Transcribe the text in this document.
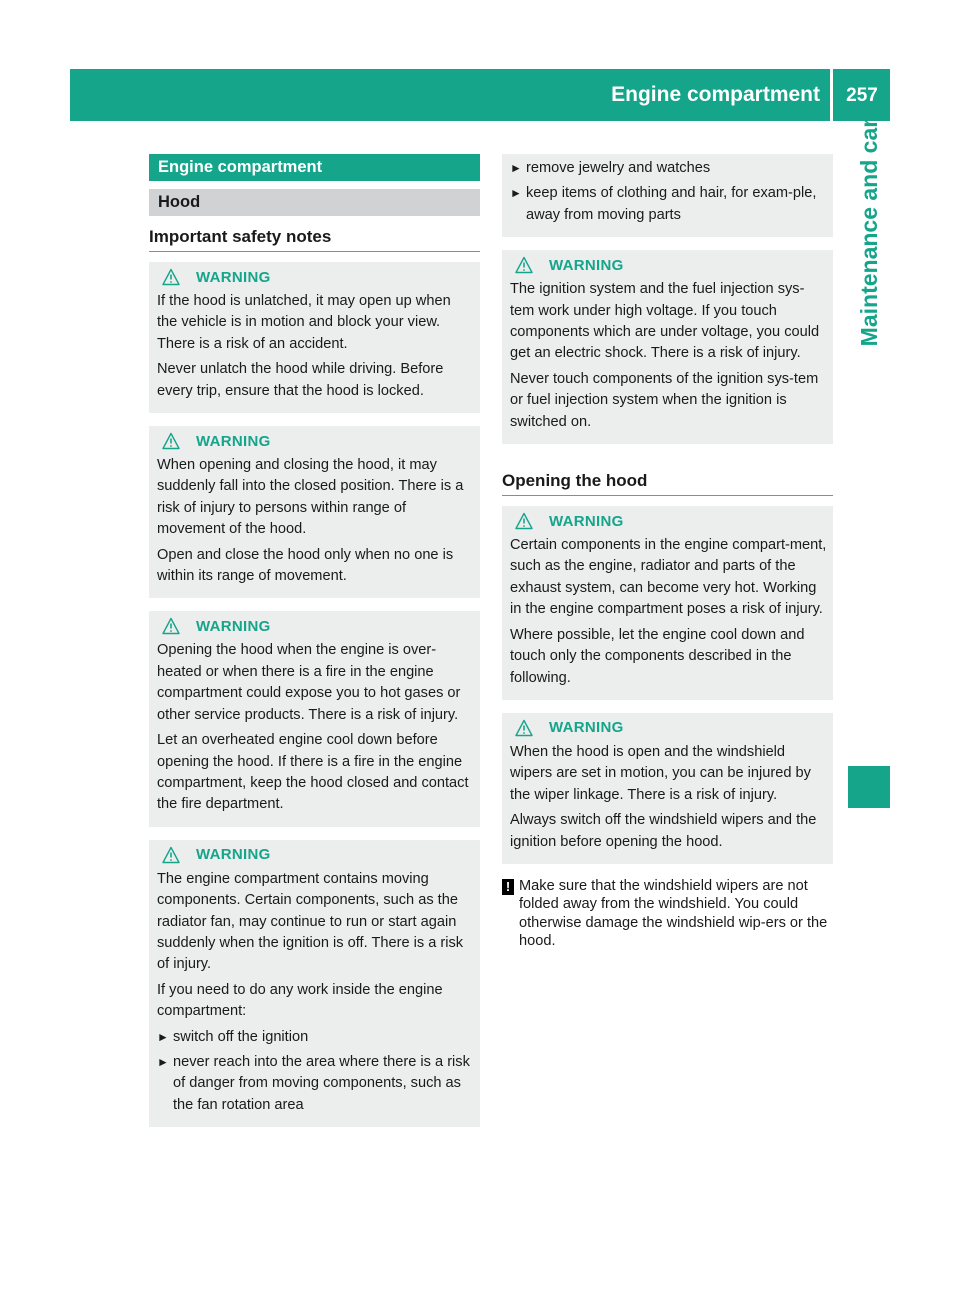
Engine compartment	257
Maintenance and care
Engine compartment
Hood
Important safety notes
WARNING

If the hood is unlatched, it may open up when the vehicle is in motion and block your view. There is a risk of an accident.

Never unlatch the hood while driving. Before every trip, ensure that the hood is locked.

WARNING

When opening and closing the hood, it may suddenly fall into the closed position. There is a risk of injury to persons within range of movement of the hood.

Open and close the hood only when no one is within its range of movement.

WARNING

Opening the hood when the engine is over-heated or when there is a fire in the engine compartment could expose you to hot gases or other service products. There is a risk of injury.

Let an overheated engine cool down before opening the hood. If there is a fire in the engine compartment, keep the hood closed and contact the fire department.

WARNING

The engine compartment contains moving components. Certain components, such as the radiator fan, may continue to run or start again suddenly when the ignition is off. There is a risk of injury.

If you need to do any work inside the engine compartment:

► switch off the ignition
► never reach into the area where there is a risk of danger from moving components, such as the fan rotation area
► remove jewelry and watches
► keep items of clothing and hair, for exam-ple, away from moving parts
WARNING

The ignition system and the fuel injection sys-tem work under high voltage. If you touch components which are under voltage, you could get an electric shock. There is a risk of injury.

Never touch components of the ignition sys-tem or fuel injection system when the ignition is switched on.

Opening the hood
WARNING

Certain components in the engine compart-ment, such as the engine, radiator and parts of the exhaust system, can become very hot. Working in the engine compartment poses a risk of injury.

Where possible, let the engine cool down and touch only the components described in the following.

WARNING

When the hood is open and the windshield wipers are set in motion, you can be injured by the wiper linkage. There is a risk of injury.

Always switch off the windshield wipers and the ignition before opening the hood.

! Make sure that the windshield wipers are not folded away from the windshield. You could otherwise damage the windshield wip-ers or the hood.
